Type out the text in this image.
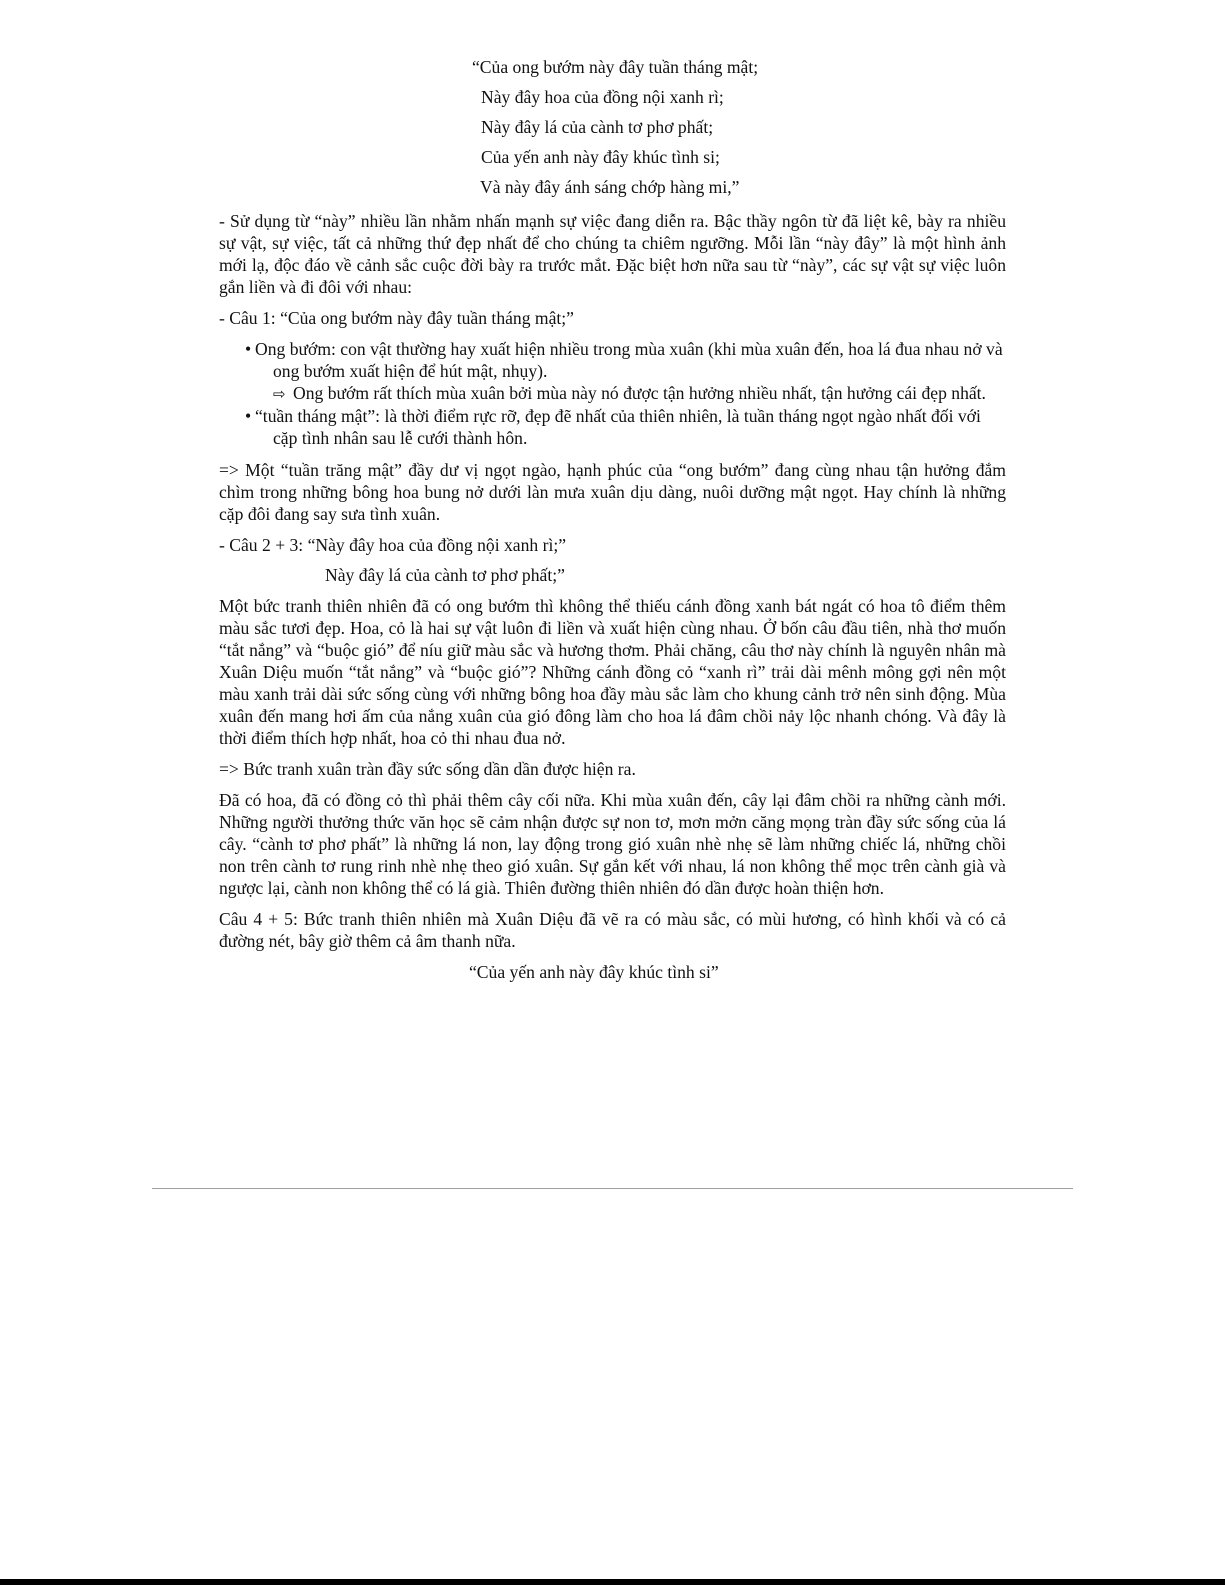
“Của ong bướm này đây tuần tháng mật;
Này đây hoa của đồng nội xanh rì;
Này đây lá của cành tơ phơ phất;
Của yến anh này đây khúc tình si;
Và này đây ánh sáng chớp hàng mi,”

- Sử dụng từ “này” nhiều lần nhằm nhấn mạnh sự việc đang diễn ra. Bậc thầy ngôn từ đã liệt kê, bày ra nhiều sự vật, sự việc, tất cả những thứ đẹp nhất để cho chúng ta chiêm ngưỡng. Mỗi lần “này đây” là một hình ảnh mới lạ, độc đáo về cảnh sắc cuộc đời bày ra trước mắt. Đặc biệt hơn nữa sau từ “này”, các sự vật sự việc luôn gắn liền và đi đôi với nhau:

- Câu 1: “Của ong bướm này đây tuần tháng mật;”

• Ong bướm: con vật thường hay xuất hiện nhiều trong mùa xuân (khi mùa xuân đến, hoa lá đua nhau nở và ong bướm xuất hiện để hút mật, nhụy).
⇨ Ong bướm rất thích mùa xuân bởi mùa này nó được tận hưởng nhiều nhất, tận hưởng cái đẹp nhất.
• “tuần tháng mật”: là thời điểm rực rỡ, đẹp đẽ nhất của thiên nhiên, là tuần tháng ngọt ngào nhất đối với cặp tình nhân sau lễ cưới thành hôn.

=> Một “tuần trăng mật” đầy dư vị ngọt ngào, hạnh phúc của “ong bướm” đang cùng nhau tận hưởng đắm chìm trong những bông hoa bung nở dưới làn mưa xuân dịu dàng, nuôi dưỡng mật ngọt. Hay chính là những cặp đôi đang say sưa tình xuân.

- Câu 2 + 3: “Này đây hoa của đồng nội xanh rì;”

Này đây lá của cành tơ phơ phất;”

Một bức tranh thiên nhiên đã có ong bướm thì không thể thiếu cánh đồng xanh bát ngát có hoa tô điểm thêm màu sắc tươi đẹp. Hoa, cỏ là hai sự vật luôn đi liền và xuất hiện cùng nhau. Ở bốn câu đầu tiên, nhà thơ muốn “tắt nắng” và “buộc gió” để níu giữ màu sắc và hương thơm. Phải chăng, câu thơ này chính là nguyên nhân mà Xuân Diệu muốn “tắt nắng” và “buộc gió”? Những cánh đồng cỏ “xanh rì” trải dài mênh mông gợi nên một màu xanh trải dài sức sống cùng với những bông hoa đầy màu sắc làm cho khung cảnh trở nên sinh động. Mùa xuân đến mang hơi ấm của nắng xuân của gió đông làm cho hoa lá đâm chồi nảy lộc nhanh chóng. Và đây là thời điểm thích hợp nhất, hoa cỏ thi nhau đua nở.

=> Bức tranh xuân tràn đầy sức sống dần dần được hiện ra.

Đã có hoa, đã có đồng cỏ thì phải thêm cây cối nữa. Khi mùa xuân đến, cây lại đâm chồi ra những cành mới. Những người thưởng thức văn học sẽ cảm nhận được sự non tơ, mơn mởn căng mọng tràn đầy sức sống của lá cây. “cành tơ phơ phất” là những lá non, lay động trong gió xuân nhè nhẹ sẽ làm những chiếc lá, những chồi non trên cành tơ rung rinh nhè nhẹ theo gió xuân. Sự gắn kết với nhau, lá non không thể mọc trên cành già và ngược lại, cành non không thể có lá già. Thiên đường thiên nhiên đó dần được hoàn thiện hơn.

Câu 4 + 5: Bức tranh thiên nhiên mà Xuân Diệu đã vẽ ra có màu sắc, có mùi hương, có hình khối và có cả đường nét, bây giờ thêm cả âm thanh nữa.

“Của yến anh này đây khúc tình si”
